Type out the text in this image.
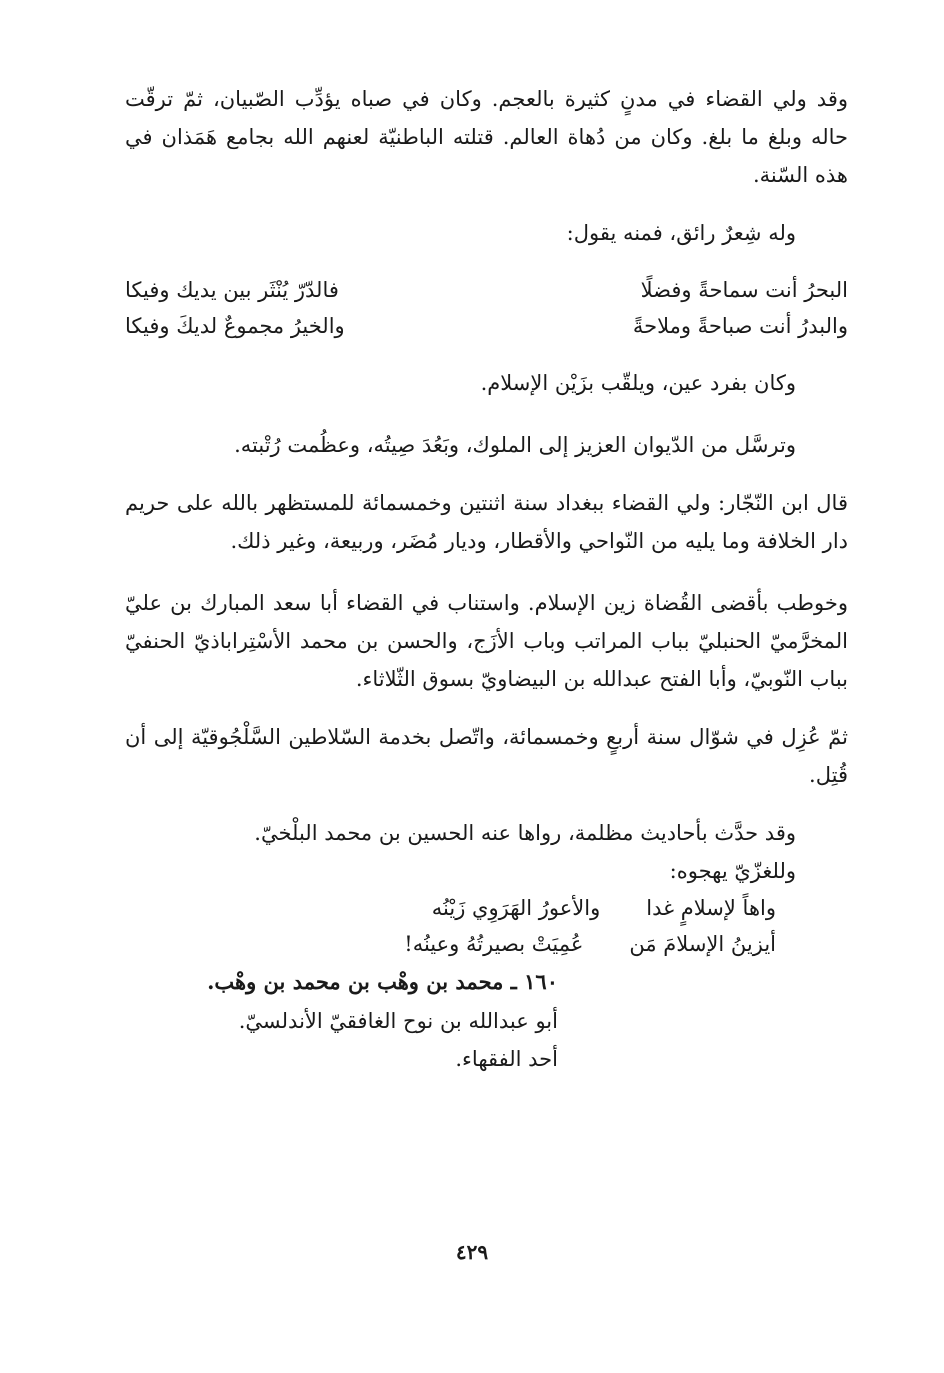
وقد ولي القضاء في مدنٍ كثيرة بالعجم. وكان في صباه يؤدِّب الصّبيان، ثمّ ترقّت حاله وبلغ ما بلغ. وكان من دُهاة العالم. قتلته الباطنيّة لعنهم الله بجامع هَمَذان في هذه السّنة.

وله شِعرٌ رائق، فمنه يقول:

البحرُ أنت سماحةً وفضلًا
فالدّرّ يُنْثَر بين يديك وفيكا
والبدرُ أنت صباحةً وملاحةً
والخيرُ مجموعٌ لديكَ وفيكا

وكان بفرد عين، ويلقّب بزَيْن الإسلام.

وترسَّل من الدّيوان العزيز إلى الملوك، وبَعُدَ صِيتُه، وعظُمت رُتْبته.

قال ابن النّجّار: ولي القضاء ببغداد سنة اثنتين وخمسمائة للمستظهر بالله على حريم دار الخلافة وما يليه من النّواحي والأقطار، وديار مُضَر، وربيعة، وغير ذلك.

وخوطب بأقضى القُضاة زين الإسلام. واستناب في القضاء أبا سعد المبارك بن عليّ المخرَّميّ الحنبليّ بباب المراتب وباب الأزَج، والحسن بن محمد الأسْتِراباذيّ الحنفيّ بباب النّوبيّ، وأبا الفتح عبدالله بن البيضاويّ بسوق الثّلاثاء.

ثمّ عُزِل في شوّال سنة أربعٍ وخمسمائة، واتّصل بخدمة السّلاطين السَّلْجُوقيّة إلى أن قُتِل.

وقد حدَّث بأحاديث مظلمة، رواها عنه الحسين بن محمد البلْخيّ.

وللغزّيّ يهجوه:

واهاً لإسلامٍ غدا
والأعورُ الهَرَوِي زَيْنُه
أيزينُ الإسلامَ مَن
عُمِيَتْ بصيرتُهُ وعينُه!
١٦٠ ـ محمد بن وهْب بن محمد بن وهْب.

أبو عبدالله بن نوح الغافقيّ الأندلسيّ.

أحد الفقهاء.

٤٢٩
